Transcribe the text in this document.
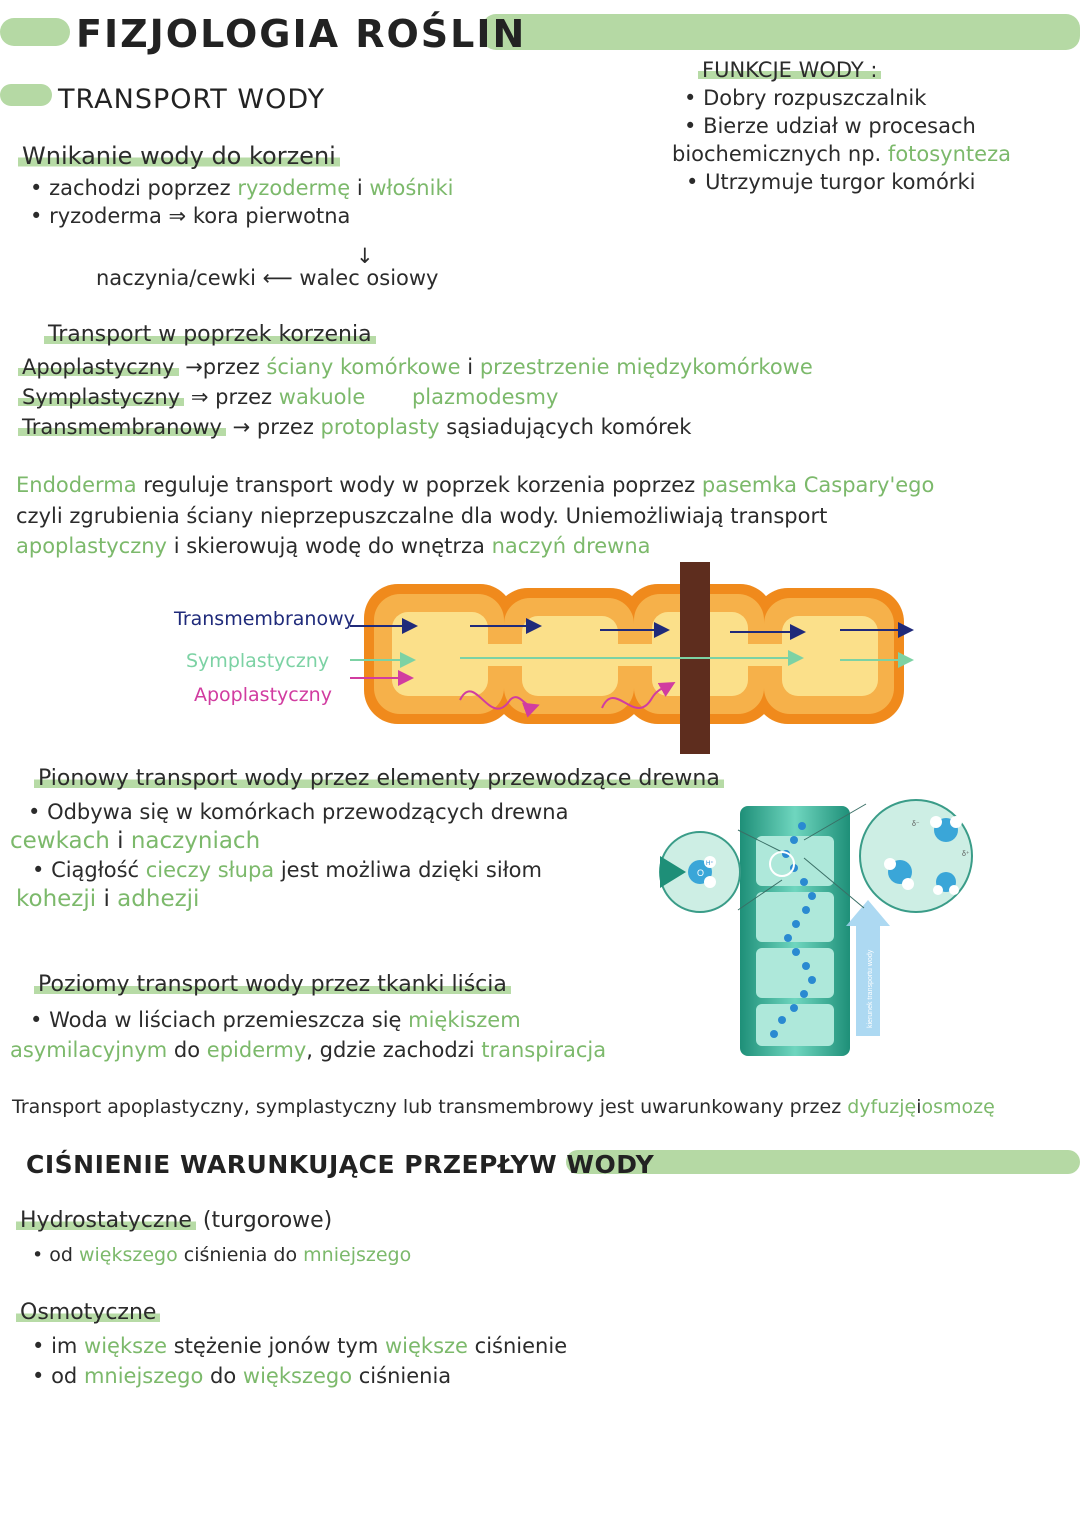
FIZJOLOGIA ROŚLIN
FUNKCJE WODY :
• Dobry rozpuszczalnik
• Bierze udział w procesach
biochemicznych np. fotosynteza
• Utrzymuje turgor komórki
TRANSPORT WODY
Wnikanie wody do korzeni
• zachodzi poprzez ryzodermę i włośniki
• ryzoderma ⇒ kora pierwotna
↓
naczynia/cewki ⟵ walec osiowy
Transport w poprzek korzenia
Apoplastyczny →przez ściany komórkowe i przestrzenie międzykomórkowe
Symplastyczny ⇒ przez wakuole plazmodesmy
Transmembranowy → przez protoplasty sąsiadujących komórek
Endoderma reguluje transport wody w poprzek korzenia poprzez pasemka Caspary'ego
czyli zgrubienia ściany nieprzepuszczalne dla wody. Uniemożliwiają transport
apoplastyczny i skierowują wodę do wnętrza naczyń drewna
Transmembranowy
Symplastyczny
Apoplastyczny
Pionowy transport wody przez elementy przewodzące drewna
• Odbywa się w komórkach przewodzących drewna
cewkach i naczyniach
• Ciągłość cieczy słupa jest możliwa dzięki siłom
kohezji i adhezji
kierunek transportu wody
O
H⁺
δ⁻
δ⁺
Poziomy transport wody przez tkanki liścia
• Woda w liściach przemieszcza się miękiszem
asymilacyjnym do epidermy, gdzie zachodzi transpiracja
Transport apoplastyczny, symplastyczny lub transmembrowy jest uwarunkowany przez dyfuzjęiosmozę
CIŚNIENIE WARUNKUJĄCE PRZEPŁYW WODY
Hydrostatyczne (turgorowe)
• od większego ciśnienia do mniejszego
Osmotyczne
• im większe stężenie jonów tym większe ciśnienie
• od mniejszego do większego ciśnienia
